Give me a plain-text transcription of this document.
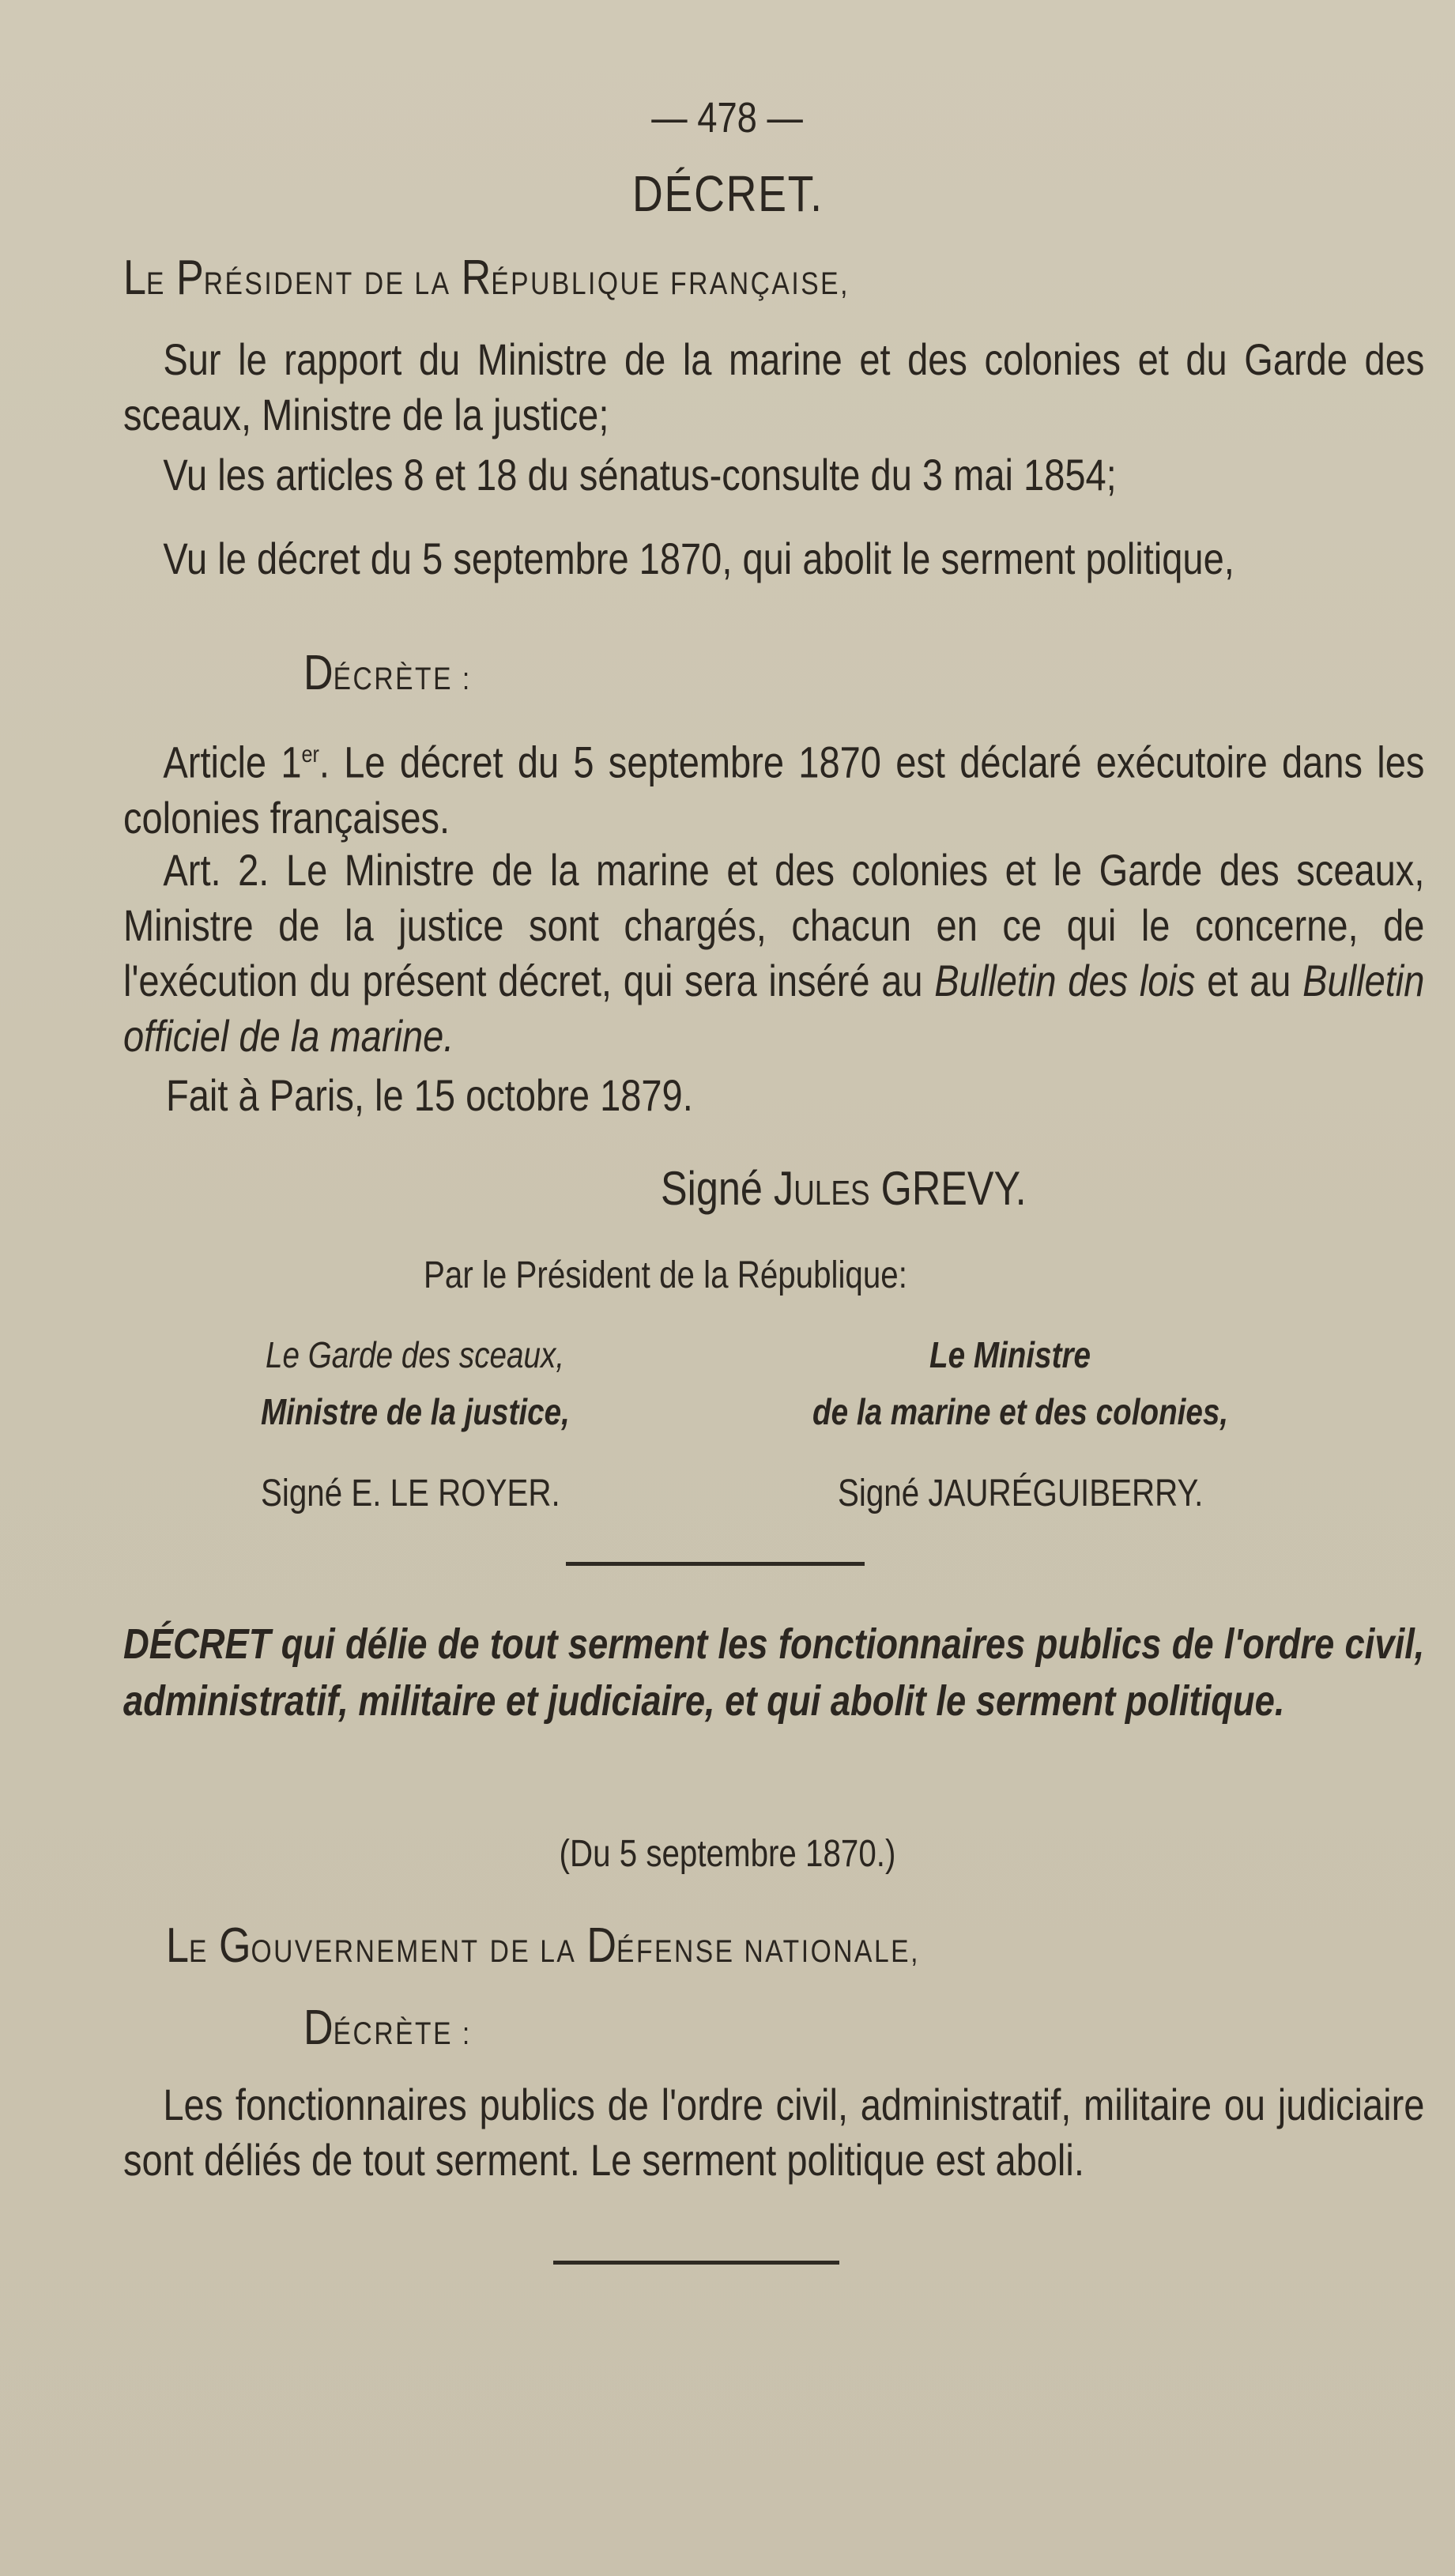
— 478 —
DÉCRET.

LE PRÉSIDENT DE LA RÉPUBLIQUE FRANÇAISE,

Sur le rapport du Ministre de la marine et des colonies et du Garde des sceaux, Ministre de la justice;

Vu les articles 8 et 18 du sénatus-consulte du 3 mai 1854;

Vu le décret du 5 septembre 1870, qui abolit le serment politique,

DÉCRÈTE :

Article 1er. Le décret du 5 septembre 1870 est déclaré exécutoire dans les colonies françaises.

Art. 2. Le Ministre de la marine et des colonies et le Garde des sceaux, Ministre de la justice sont chargés, chacun en ce qui le concerne, de l'exécution du présent décret, qui sera inséré au Bulletin des lois et au Bulletin officiel de la marine.

Fait à Paris, le 15 octobre 1879.

Signé JULES GREVY.

Par le Président de la République:

Le Garde des sceaux,

Ministre de la justice,

Signé E. LE ROYER.

Le Ministre

de la marine et des colonies,

Signé JAURÉGUIBERRY.

DÉCRET qui délie de tout serment les fonctionnaires publics de l'ordre civil, administratif, militaire et judiciaire, et qui abolit le serment politique.

(Du 5 septembre 1870.)

LE GOUVERNEMENT DE LA DÉFENSE NATIONALE,

DÉCRÈTE :

Les fonctionnaires publics de l'ordre civil, administratif, militaire ou judiciaire sont déliés de tout serment. Le serment politique est aboli.
